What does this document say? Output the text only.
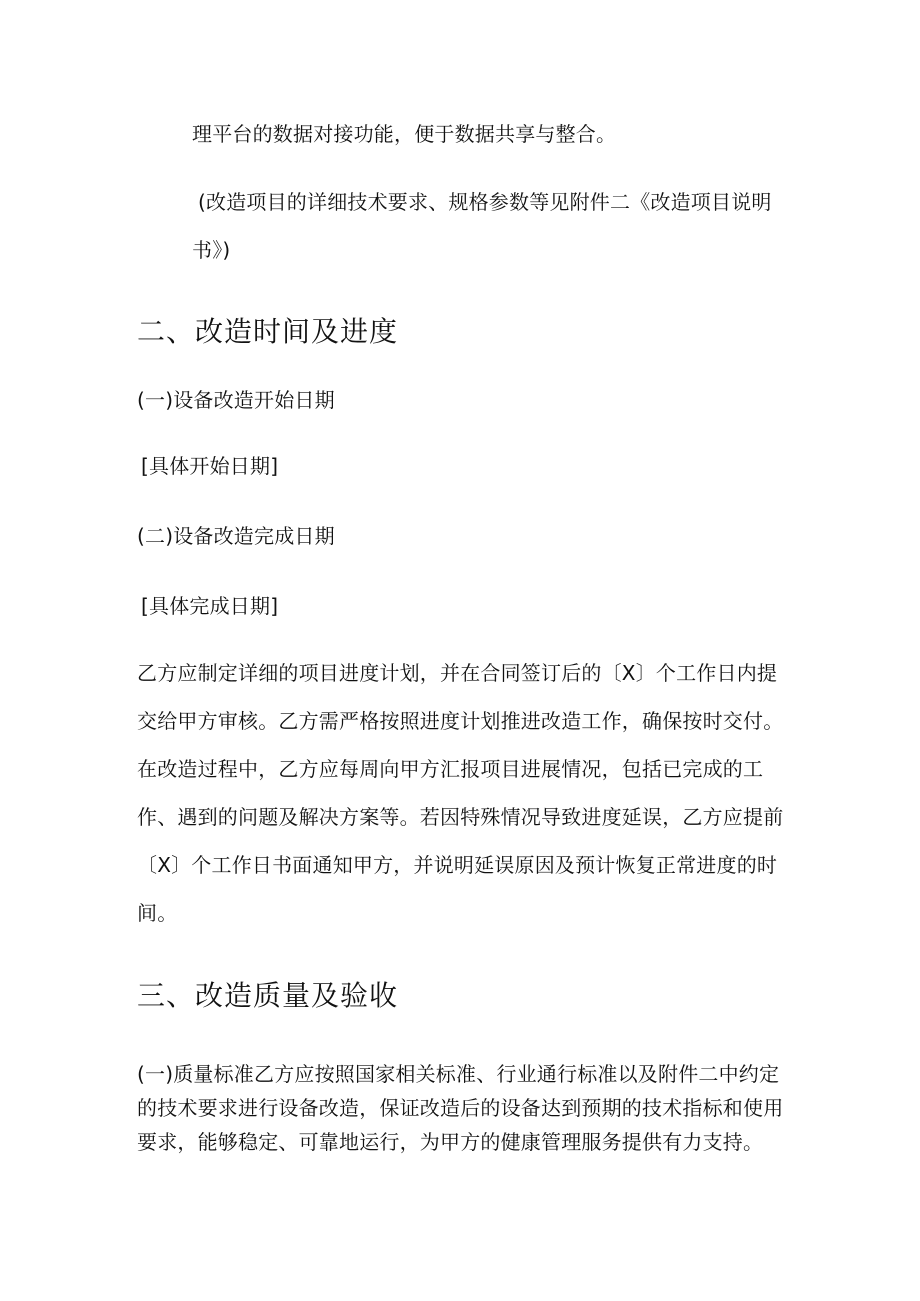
理平台的数据对接功能，便于数据共享与整合。
(改造项目的详细技术要求、规格参数等见附件二《改造项目说明
书》)
二、改造时间及进度
(一)设备改造开始日期
[具体开始日期]
(二)设备改造完成日期
[具体完成日期]
乙方应制定详细的项目进度计划，并在合同签订后的〔X〕个工作日内提
交给甲方审核。乙方需严格按照进度计划推进改造工作，确保按时交付。
在改造过程中，乙方应每周向甲方汇报项目进展情况，包括已完成的工
作、遇到的问题及解决方案等。若因特殊情况导致进度延误，乙方应提前
〔X〕个工作日书面通知甲方，并说明延误原因及预计恢复正常进度的时
间。
三、改造质量及验收
(一)质量标准乙方应按照国家相关标准、行业通行标准以及附件二中约定
的技术要求进行设备改造，保证改造后的设备达到预期的技术指标和使用
要求，能够稳定、可靠地运行，为甲方的健康管理服务提供有力支持。
